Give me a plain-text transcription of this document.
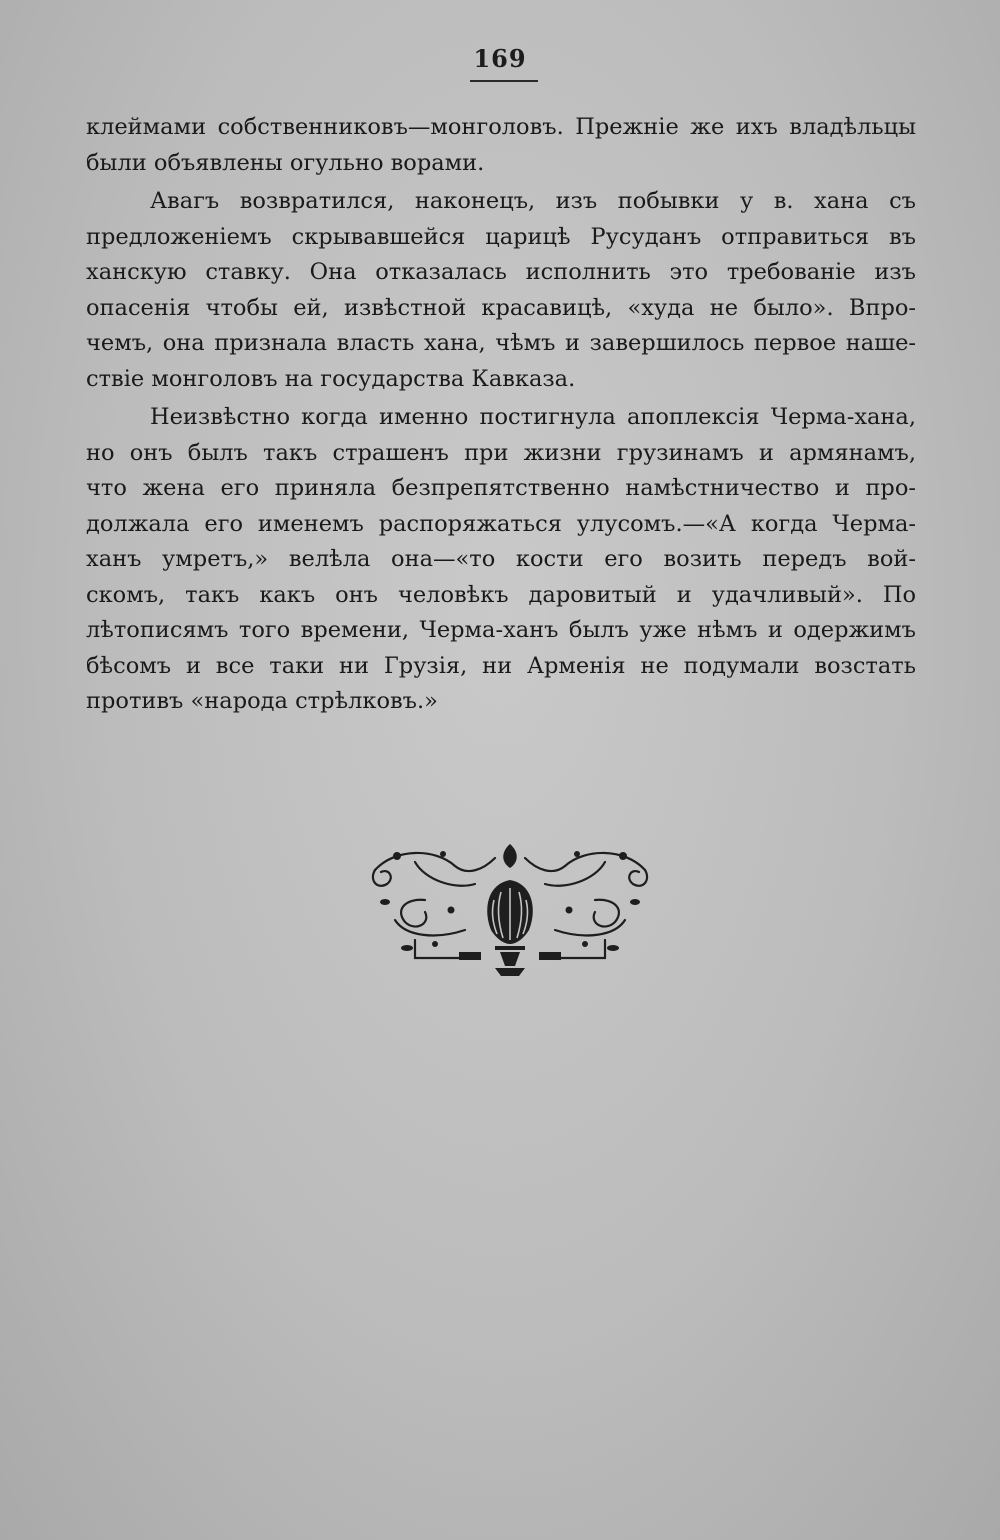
169
клеймами собственниковъ—монголовъ. Прежніе же ихъ владѣльцы
были объявлены огульно ворами.
Авагъ возвратился, наконецъ, изъ побывки у в. хана съ
предложеніемъ скрывавшейся царицѣ Русуданъ отправиться въ
ханскую ставку. Она отказалась исполнить это требованіе изъ
опасенія чтобы ей, извѣстной красавицѣ, «худа не было». Впро-
чемъ, она признала власть хана, чѣмъ и завершилось первое наше-
ствіе монголовъ на государства Кавказа.
Неизвѣстно когда именно постигнула апоплексія Черма-хана,
но онъ былъ такъ страшенъ при жизни грузинамъ и армянамъ,
что жена его приняла безпрепятственно намѣстничество и про-
должала его именемъ распоряжаться улусомъ.—«А когда Черма-
ханъ умретъ,» велѣла она—«то кости его возить передъ вой-
скомъ, такъ какъ онъ человѣкъ даровитый и удачливый». По
лѣтописямъ того времени, Черма-ханъ былъ уже нѣмъ и одержимъ
бѣсомъ и все таки ни Грузія, ни Арменія не подумали возстать
противъ «народа стрѣлковъ.»
